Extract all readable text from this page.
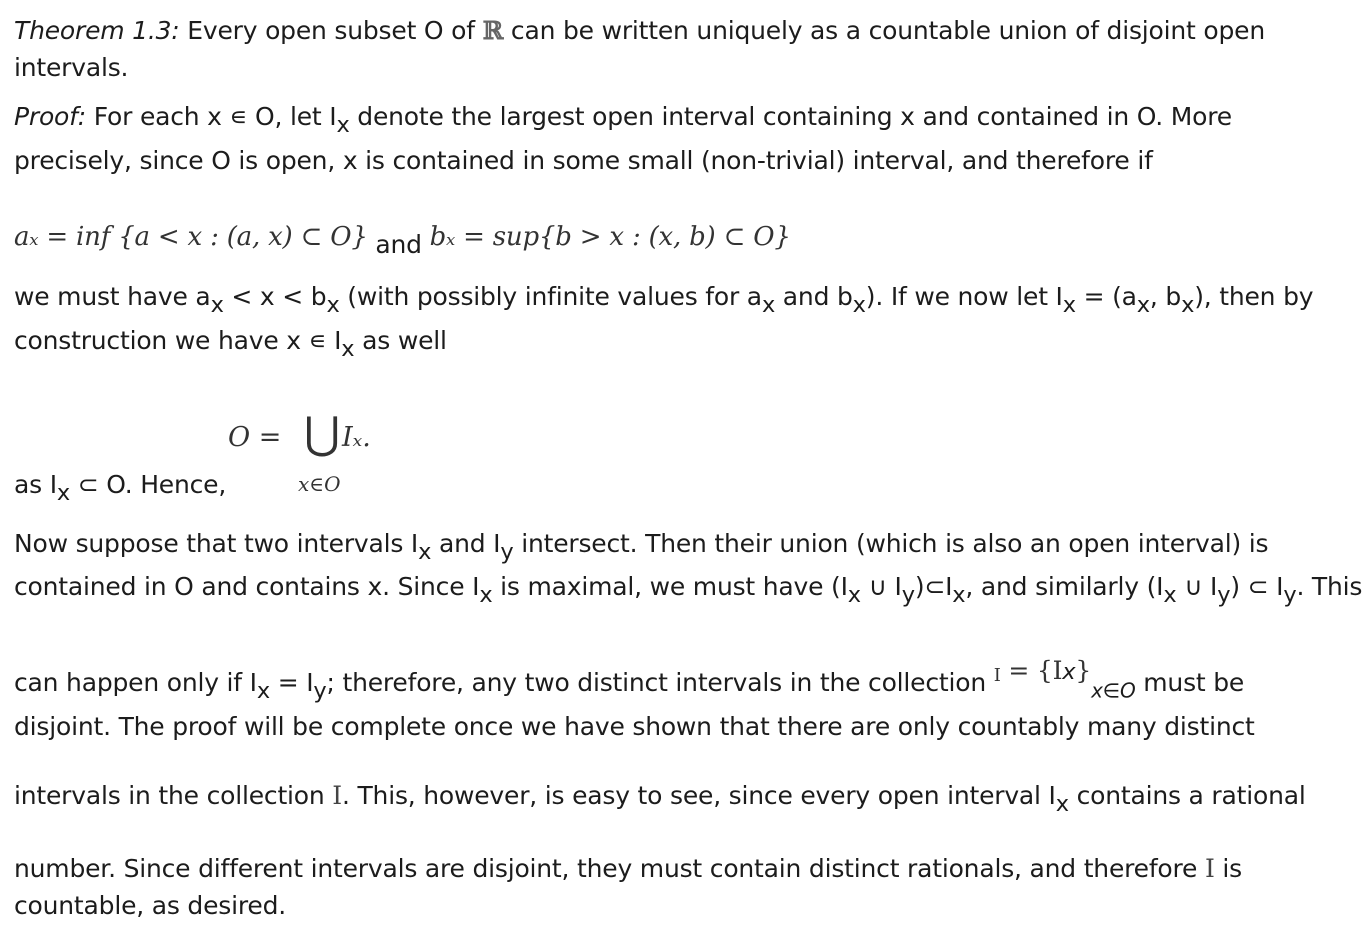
Theorem 1.3: Every open subset O of ℝ can be written uniquely as a countable union of disjoint open
intervals.
Proof: For each x ∊ O, let $I_x$ denote the largest open interval containing x and contained in O. More
precisely, since O is open, x is contained in some small (non-trivial) interval, and therefore if
aₓ = inf {a < x : (a, x) ⊂ O} and bₓ = sup{b > x : (x, b) ⊂ O}
we must have $a_x < x < b_x$ (with possibly infinite values for $a_x$ and $b_x$). If we now let $I_x = (a_x$, $b_x$), then by
construction we have x ∊ $I_x$ as well
as $I_x$ ⊂ O. Hence,
O = ⋃ Iₓ.
x∈O
Now suppose that two intervals $I_x$ and $I_y$ intersect. Then their union (which is also an open interval) is
contained in O and contains x. Since $I_x$ is maximal, we must have ($I_x$ ∪ $I_y)\subset I_x$, and similarly ($I_x$ ∪ $I_y$) ⊂ $I_y$. This
can happen only if $I_x = I_y$; therefore, any two distinct intervals in the collection $^I = \{I_x\}_{x\in O}$ must be
disjoint. The proof will be complete once we have shown that there are only countably many distinct
intervals in the collection I. This, however, is easy to see, since every open interval $I_x$ contains a rational
number. Since different intervals are disjoint, they must contain distinct rationals, and therefore I is
countable, as desired.
